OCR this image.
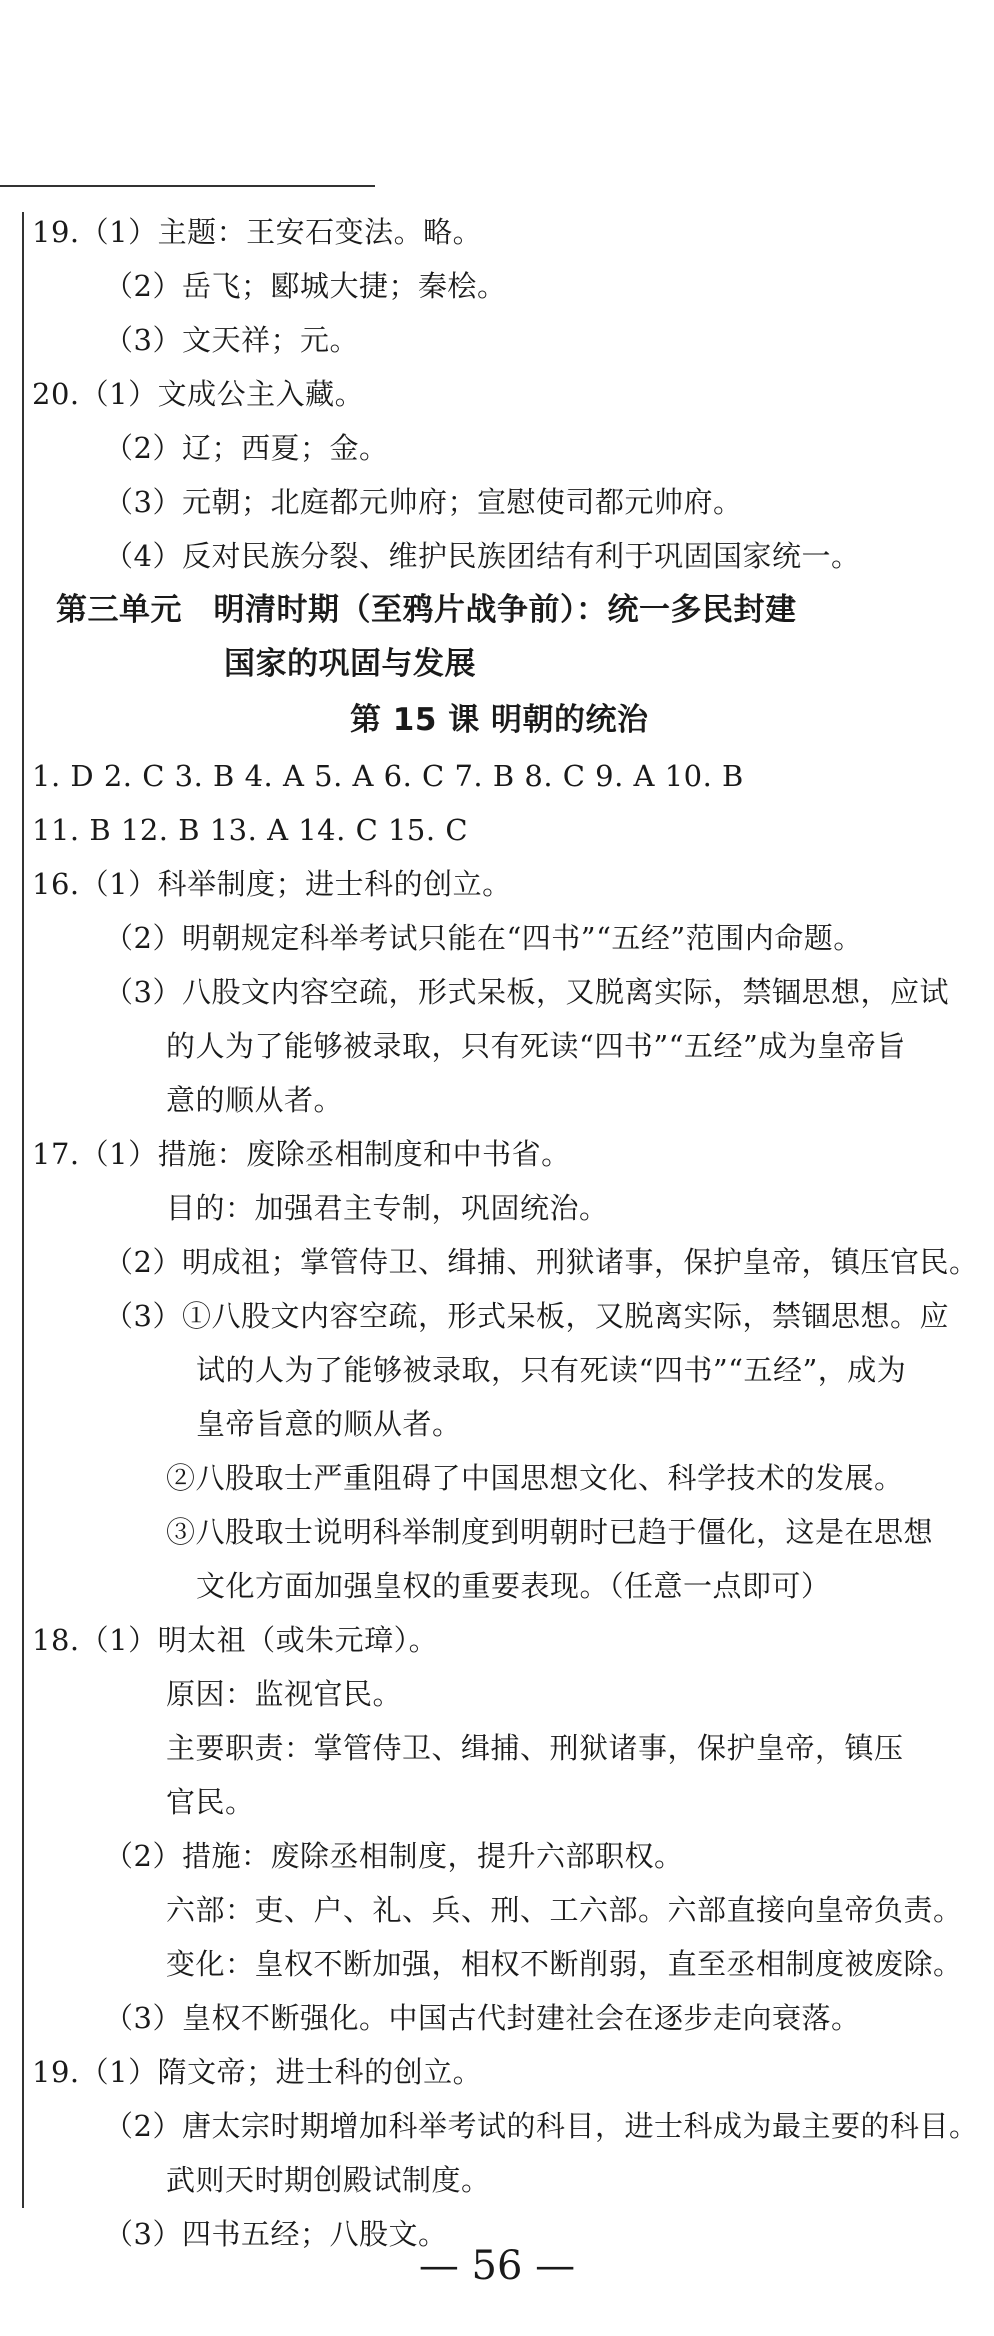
19.（1）主题：王安石变法。略。
（2）岳飞；郾城大捷；秦桧。
（3）文天祥；元。
20.（1）文成公主入藏。
（2）辽；西夏；金。
（3）元朝；北庭都元帅府；宣慰使司都元帅府。
（4）反对民族分裂、维护民族团结有利于巩固国家统一。
第三单元　明清时期（至鸦片战争前）：统一多民封建
国家的巩固与发展
第 15 课 明朝的统治
1. D 2. C 3. B 4. A 5. A 6. C 7. B 8. C 9. A 10. B
11. B 12. B 13. A 14. C 15. C
16.（1）科举制度；进士科的创立。
（2）明朝规定科举考试只能在“四书”“五经”范围内命题。
（3）八股文内容空疏，形式呆板，又脱离实际，禁锢思想，应试
的人为了能够被录取，只有死读“四书”“五经”成为皇帝旨
意的顺从者。
17.（1）措施：废除丞相制度和中书省。
目的：加强君主专制，巩固统治。
（2）明成祖；掌管侍卫、缉捕、刑狱诸事，保护皇帝，镇压官民。
（3）①八股文内容空疏，形式呆板，又脱离实际，禁锢思想。应
试的人为了能够被录取，只有死读“四书”“五经”，成为
皇帝旨意的顺从者。
②八股取士严重阻碍了中国思想文化、科学技术的发展。
③八股取士说明科举制度到明朝时已趋于僵化，这是在思想
文化方面加强皇权的重要表现。（任意一点即可）
18.（1）明太祖（或朱元璋）。
原因：监视官民。
主要职责：掌管侍卫、缉捕、刑狱诸事，保护皇帝，镇压
官民。
（2）措施：废除丞相制度，提升六部职权。
六部：吏、户、礼、兵、刑、工六部。六部直接向皇帝负责。
变化：皇权不断加强，相权不断削弱，直至丞相制度被废除。
（3）皇权不断强化。中国古代封建社会在逐步走向衰落。
19.（1）隋文帝；进士科的创立。
（2）唐太宗时期增加科举考试的科目，进士科成为最主要的科目。
武则天时期创殿试制度。
（3）四书五经；八股文。
— 56 —
